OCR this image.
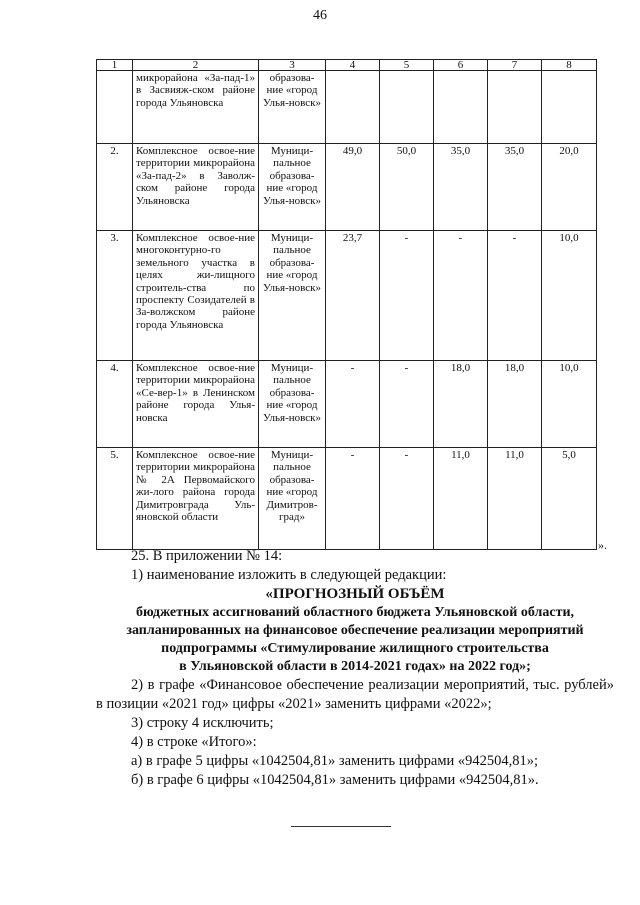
46
1	2	3	4	5	6	7	8
	микрорайона «За-пад-1» в Засвияж-ском районе города Ульяновска	образова-ние «город Улья-новск»					
2.	Комплексное освое-ние территории микрорайона «За-пад-2» в Заволж-ском районе города Ульяновска	Муници-пальное образова-ние «город Улья-новск»	49,0	50,0	35,0	35,0	20,0
3.	Комплексное освое-ние многоконтурно-го земельного участка в целях жи-лищного строитель-ства по проспекту Созидателей в За-волжском районе города Ульяновска	Муници-пальное образова-ние «город Улья-новск»	23,7	-	-	-	10,0
4.	Комплексное освое-ние территории микрорайона «Се-вер-1» в Ленинском районе города Улья-новска	Муници-пальное образова-ние «город Улья-новск»	-	-	18,0	18,0	10,0
5.	Комплексное освое-ние территории микрорайона № 2А Первомайского жи-лого района города Димитровграда Уль-яновской области	Муници-пальное образова-ние «город Димитров-град»	-	-	11,0	11,0	5,0
».

25. В приложении № 14:

1) наименование изложить в следующей редакции:

«ПРОГНОЗНЫЙ ОБЪЁМ

бюджетных ассигнований областного бюджета Ульяновской области,

запланированных на финансовое обеспечение реализации мероприятий

подпрограммы «Стимулирование жилищного строительства

в Ульяновской области в 2014-2021 годах» на 2022 год»;

2) в графе «Финансовое обеспечение реализации мероприятий, тыс. рублей» в позиции «2021 год» цифры «2021» заменить цифрами «2022»;

3) строку 4 исключить;

4) в строке «Итого»:

а) в графе 5 цифры «1042504,81» заменить цифрами «942504,81»;

б) в графе 6 цифры «1042504,81» заменить цифрами «942504,81».
